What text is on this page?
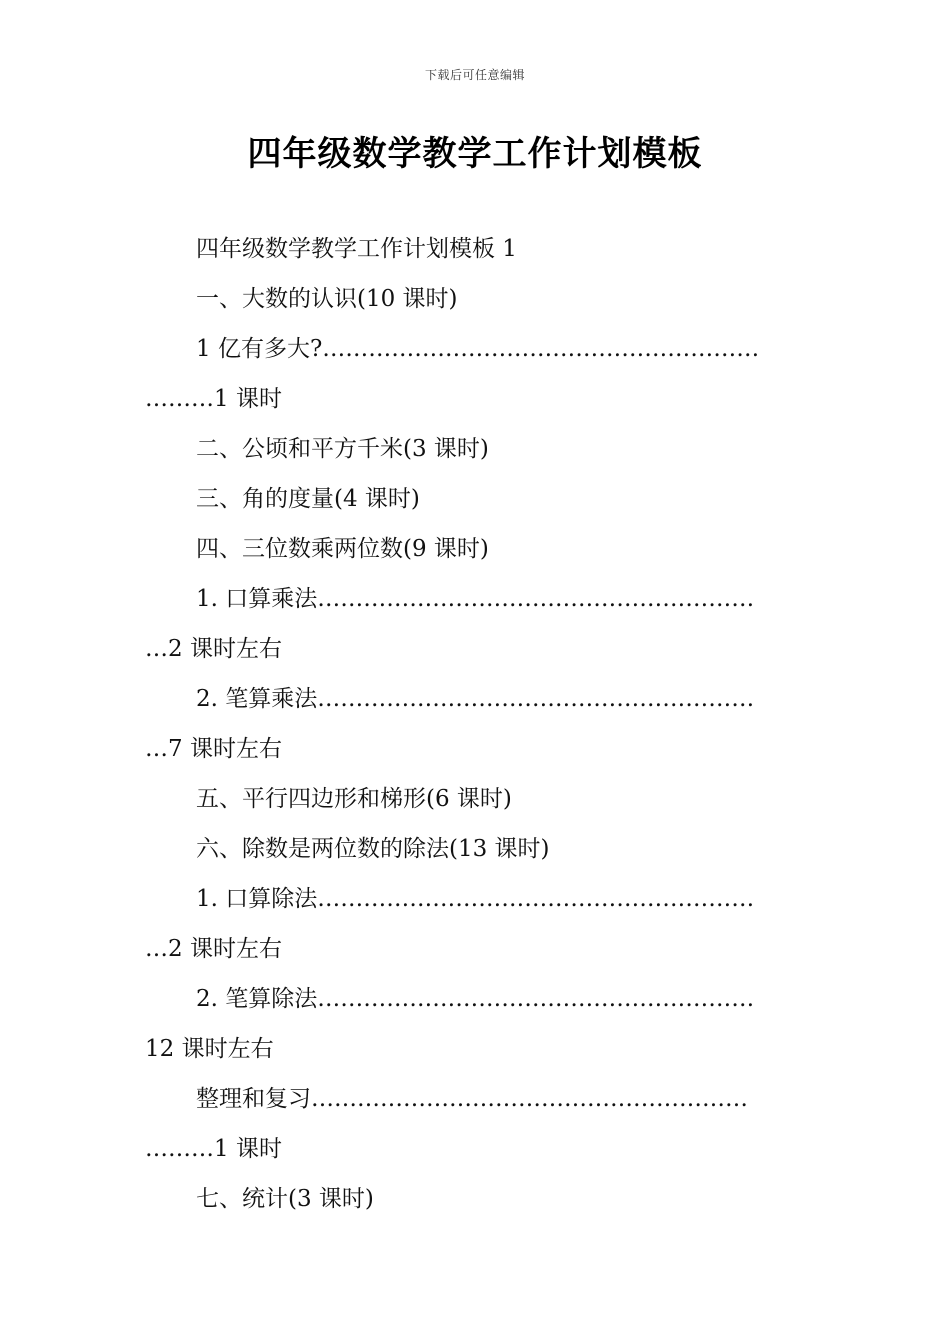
下载后可任意编辑
四年级数学教学工作计划模板
四年级数学教学工作计划模板 1
一、大数的认识(10 课时)
1 亿有多大?…………………………………………………
………1 课时
二、公顷和平方千米(3 课时)
三、角的度量(4 课时)
四、三位数乘两位数(9 课时)
1. 口算乘法…………………………………………………
…2 课时左右
2. 笔算乘法…………………………………………………
…7 课时左右
五、平行四边形和梯形(6 课时)
六、除数是两位数的除法(13 课时)
1. 口算除法…………………………………………………
…2 课时左右
2. 笔算除法…………………………………………………
12 课时左右
整理和复习…………………………………………………
………1 课时
七、统计(3 课时)
